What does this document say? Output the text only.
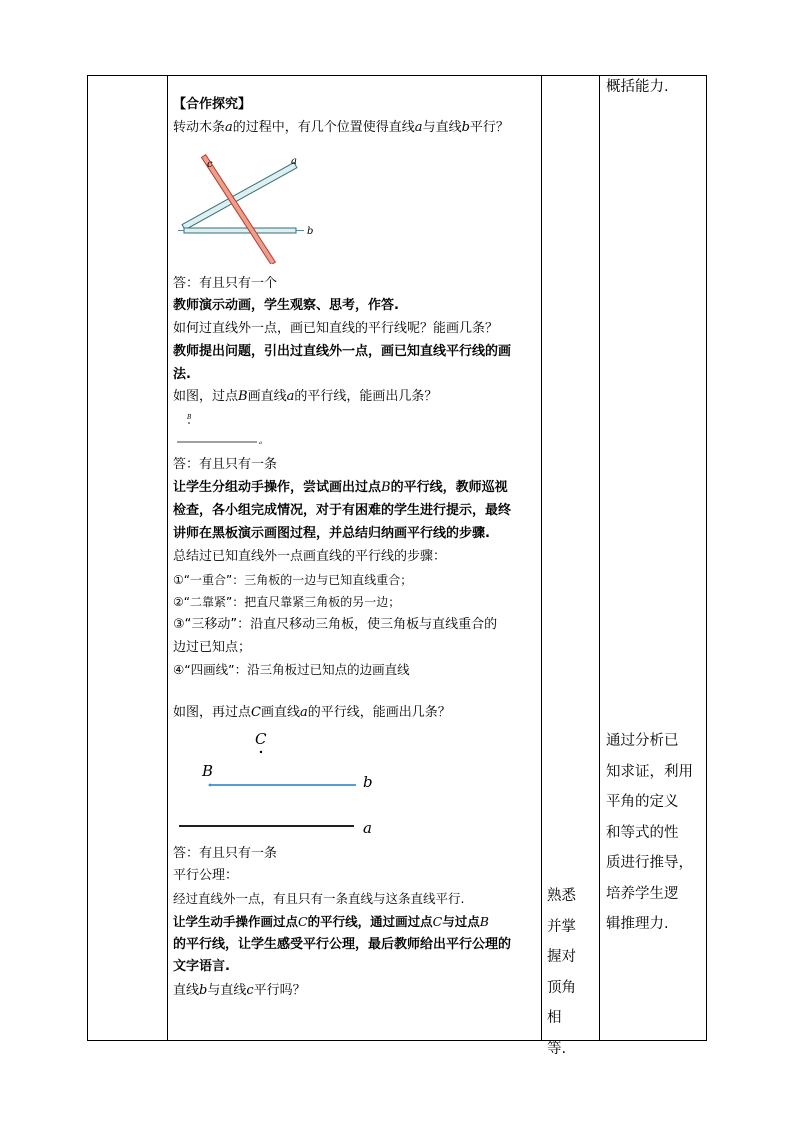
概括能力.
【合作探究】
转动木条a的过程中，有几个位置使得直线a与直线b平行？
c	a
b
答：有且只有一个
教师演示动画，学生观察、思考，作答.
如何过直线外一点，画已知直线的平行线呢？能画几条？
教师提出问题，引出过直线外一点，画已知直线平行线的画
法.
如图，过点B画直线a的平行线，能画出几条？
B
a
答：有且只有一条
让学生分组动手操作，尝试画出过点B的平行线，教师巡视
检查，各小组完成情况，对于有困难的学生进行提示，最终
讲师在黑板演示画图过程，并总结归纳画平行线的步骤.
总结过已知直线外一点画直线的平行线的步骤：
①“一重合”：三角板的一边与已知直线重合；
②“二靠紧”：把直尺靠紧三角板的另一边；
③“三移动”：沿直尺移动三角板，使三角板与直线重合的
边过已知点；
④“四画线”：沿三角板过已知点的边画直线
如图，再过点C画直线a的平行线，能画出几条？
C
B
b
a
答：有且只有一条
平行公理：
经过直线外一点，有且只有一条直线与这条直线平行.
让学生动手操作画过点C的平行线，通过画过点C与过点B
的平行线，让学生感受平行公理，最后教师给出平行公理的
文字语言.
直线b与直线c平行吗？
熟悉
并掌
握对
顶角
相等.
通过分析已
知求证，利用
平角的定义
和等式的性
质进行推导，
培养学生逻
辑推理力.
